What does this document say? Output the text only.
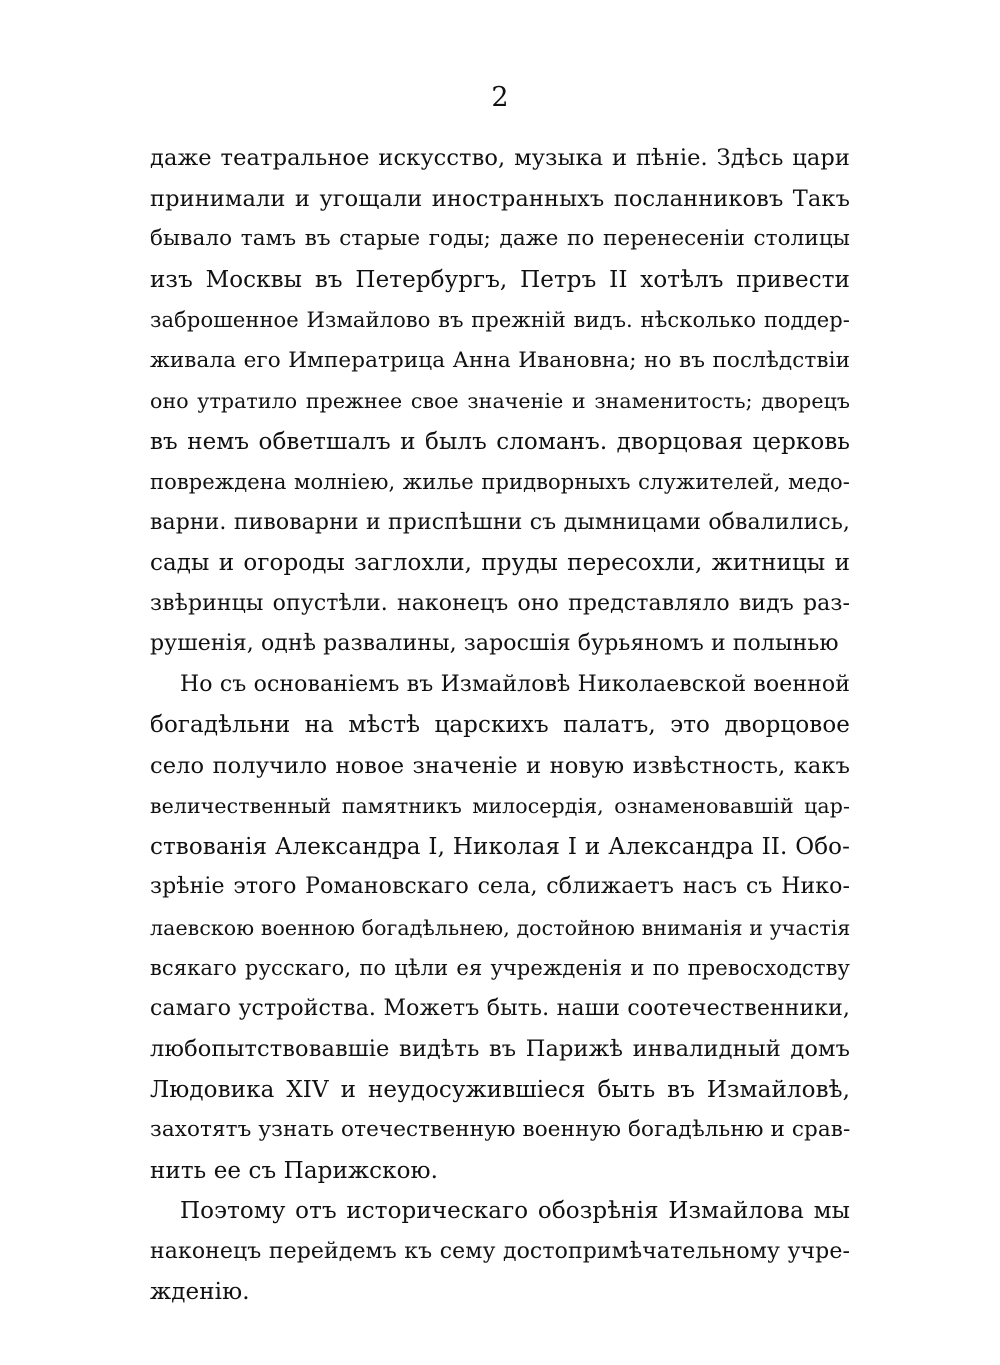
2
даже театральное искусство, музыка и пѣніе. Здѣсь цари
принимали и угощали иностранныхъ посланниковъ Такъ
бывало тамъ въ старые годы; даже по перенесеніи столицы
изъ Москвы въ Петербургъ, Петръ II хотѣлъ привести
заброшенное Измайлово въ прежній видъ. нѣсколько поддер-
живала его Императрица Анна Ивановна; но въ послѣдствіи
оно утратило прежнее свое значеніе и знаменитость; дворецъ
въ немъ обветшалъ и былъ сломанъ. дворцовая церковь
повреждена молніею, жилье придворныхъ служителей, медо-
варни. пивоварни и приспѣшни съ дымницами обвалились,
сады и огороды заглохли, пруды пересохли, житницы и
звѣринцы опустѣли. наконецъ оно представляло видъ раз-
рушенія, однѣ развалины, заросшія бурьяномъ и полынью
Но съ основаніемъ въ Измайловѣ Николаевской военной
богадѣльни на мѣстѣ царскихъ палатъ, это дворцовое
село получило новое значеніе и новую извѣстность, какъ
величественный памятникъ милосердія, ознаменовавшій цар-
ствованія Александра I, Николая I и Александра II. Обо-
зрѣніе этого Романовскаго села, сближаетъ насъ съ Нико-
лаевскою военною богадѣльнею, достойною вниманія и участія
всякаго русскаго, по цѣли ея учрежденія и по превосходству
самаго устройства. Можетъ быть. наши соотечественники,
любопытствовавшіе видѣть въ Парижѣ инвалидный домъ
Людовика XIV и неудосужившіеся быть въ Измайловѣ,
захотятъ узнать отечественную военную богадѣльню и срав-
нить ее съ Парижскою.
Поэтому отъ историческаго обозрѣнія Измайлова мы
наконецъ перейдемъ къ сему достопримѣчательному учре-
жденію.
